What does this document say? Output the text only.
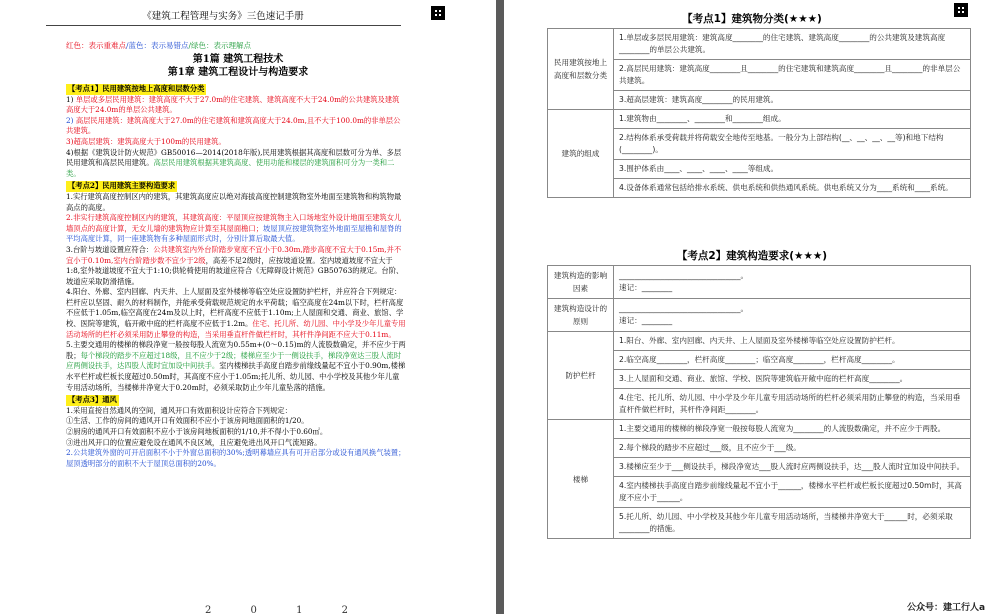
《建筑工程管理与实务》三色速记手册
红色：表示重难点/蓝色：表示易错点/绿色：表示理解点
第1篇 建筑工程技术
第1章 建筑工程设计与构造要求

【考点1】民用建筑按地上高度和层数分类

1) 单层或多层民用建筑：建筑高度不大于27.0m的住宅建筑、建筑高度不大于24.0m的公共建筑及建筑高度大于24.0m的单层公共建筑。

2) 高层民用建筑：建筑高度大于27.0m的住宅建筑和建筑高度大于24.0m,且不大于100.0m的非单层公共建筑。

3)超高层建筑：建筑高度大于100m的民用建筑。

4)根据《建筑设计防火规范》GB50016—2014(2018年版),民用建筑根据其高度和层数可分为单、多层民用建筑和高层民用建筑。高层民用建筑根据其建筑高度、使用功能和楼层的建筑面积可分为一类和二类。

【考点2】民用建筑主要构造要求

1.实行建筑高度控制区内的建筑，其建筑高度应以绝对海拔高度控制建筑物室外地面至建筑物和构筑物最高点的高度。

2.非实行建筑高度控制区内的建筑，其建筑高度：平屋顶应按建筑物主入口场地室外设计地面至建筑女儿墙顶点的高度计算，无女儿墙的建筑物应计算至其屋面檐口；坡屋顶应按建筑物室外地面至屋檐和屋脊的平均高度计算，同一座建筑物有多种屋面形式时，分别计算后取最大值。

3.台阶与坡道设置应符合：公共建筑室内外台阶踏步宽度不宜小于0.30m,踏步高度不宜大于0.15m,并不宜小于0.10m,室内台阶踏步数不宜少于2级，高差不足2级时，应按坡道设置。室内坡道坡度不宜大于1:8,室外坡道坡度不宜大于1:10;供轮椅使用的坡道应符合《无障碍设计规范》GB50763的规定。台阶、坡道应采取防滑措施。

4.阳台、外廊、室内回廊、内天井、上人屋面及室外楼梯等临空处应设置防护栏杆，并应符合下列规定：栏杆应以坚固、耐久的材料制作，并能承受荷载规范规定的水平荷载；临空高度在24m以下时，栏杆高度不应低于1.05m,临空高度在24m及以上时，栏杆高度不应低于1.10m;上人屋面和交通、商业、旅馆、学校、医院等建筑，临开敞中庭的栏杆高度不应低于1.2m。住宅、托儿所、幼儿园、中小学及少年儿童专用活动场所的栏杆必须采用防止攀登的构造，当采用垂直杆件做栏杆时，其杆件净间距不应大于0.11m。

5.主要交通用的楼梯的梯段净宽一般按每股人流宽为0.55m+(0～0.15)m的人流股数确定，并不应少于两股；每个梯段的踏步不应超过18级，且不应少于2级；楼梯应至少于一侧设扶手，梯段净宽达三股人流时应两侧设扶手，达四股人流时宜加设中间扶手。室内楼梯扶手高度自踏步前缘线量起不宜小于0.90m,楼梯水平栏杆或栏板长度超过0.50m时，其高度不应小于1.05m;托儿所、幼儿园、中小学校及其他少年儿童专用活动场所，当楼梯井净宽大于0.20m时，必须采取防止少年儿童坠落的措施。

【考点3】通风

1.采用直接自然通风的空间，通风开口有效面积设计应符合下列规定：

①生活、工作的房间的通风开口有效面积不应小于该房间地面面积的1/20。

②厨房的通风开口有效面积不应小于该房间地板面积的1/10,并不得小于0.60㎡。

③进出风开口的位置应避免设在通风不良区域，且应避免进出风开口气流短路。

2.公共建筑外窗的可开启面积不小于外窗总面积的30%;透明幕墙应具有可开启部分或设有通风换气装置；屋顶透明部分的面积不大于屋顶总面积的20%。

2 0 1 2
【考点1】建筑物分类(★★★)
民用建筑按地上高度和层数分类	1.单层或多层民用建筑：建筑高度________的住宅建筑、建筑高度________的公共建筑及建筑高度________的单层公共建筑。
	2.高层民用建筑：建筑高度________且________的住宅建筑和建筑高度________且________的非单层公共建筑。
	3.超高层建筑：建筑高度________的民用建筑。
建筑的组成	1.建筑物由________、________和________组成。
	2.结构体系承受荷载并将荷载安全地传至地基。一般分为上部结构(__、__、__、__等)和地下结构(________)。
	3.围护体系由____、____、____、____等组成。
	4.设备体系通常包括给排水系统、供电系统和供热通风系统。供电系统又分为____系统和____系统。
【考点2】建筑构造要求(★★★)
建筑构造的影响因素	________________________________。
速记：________

建筑构造设计的原则	________________________________。
速记：________

防护栏杆	1.阳台、外廊、室内回廊、内天井、上人屋面及室外楼梯等临空处应设置防护栏杆。
	2.临空高度________，栏杆高度________；临空高度________，栏杆高度________。
	3.上人屋面和交通、商业、旅馆、学校、医院等建筑临开敞中庭的栏杆高度________。
	4.住宅、托儿所、幼儿园、中小学及少年儿童专用活动场所的栏杆必须采用防止攀登的构造，当采用垂直杆件做栏杆时，其杆件净间距________。
楼梯	1.主要交通用的楼梯的梯段净宽一般按每股人流宽为________的人流股数确定，并不应少于两股。
	2.每个梯段的踏步不应超过___级，且不应少于___级。
	3.楼梯应至少于___侧设扶手，梯段净宽达___股人流时应两侧设扶手，达___股人流时宜加设中间扶手。
	4.室内楼梯扶手高度自踏步前缘线量起不宜小于______，楼梯水平栏杆或栏板长度超过0.50m时，其高度不应小于______。
	5.托儿所、幼儿园、中小学校及其他少年儿童专用活动场所，当楼梯井净宽大于______时，必须采取________的措施。
公众号：建工行人a
